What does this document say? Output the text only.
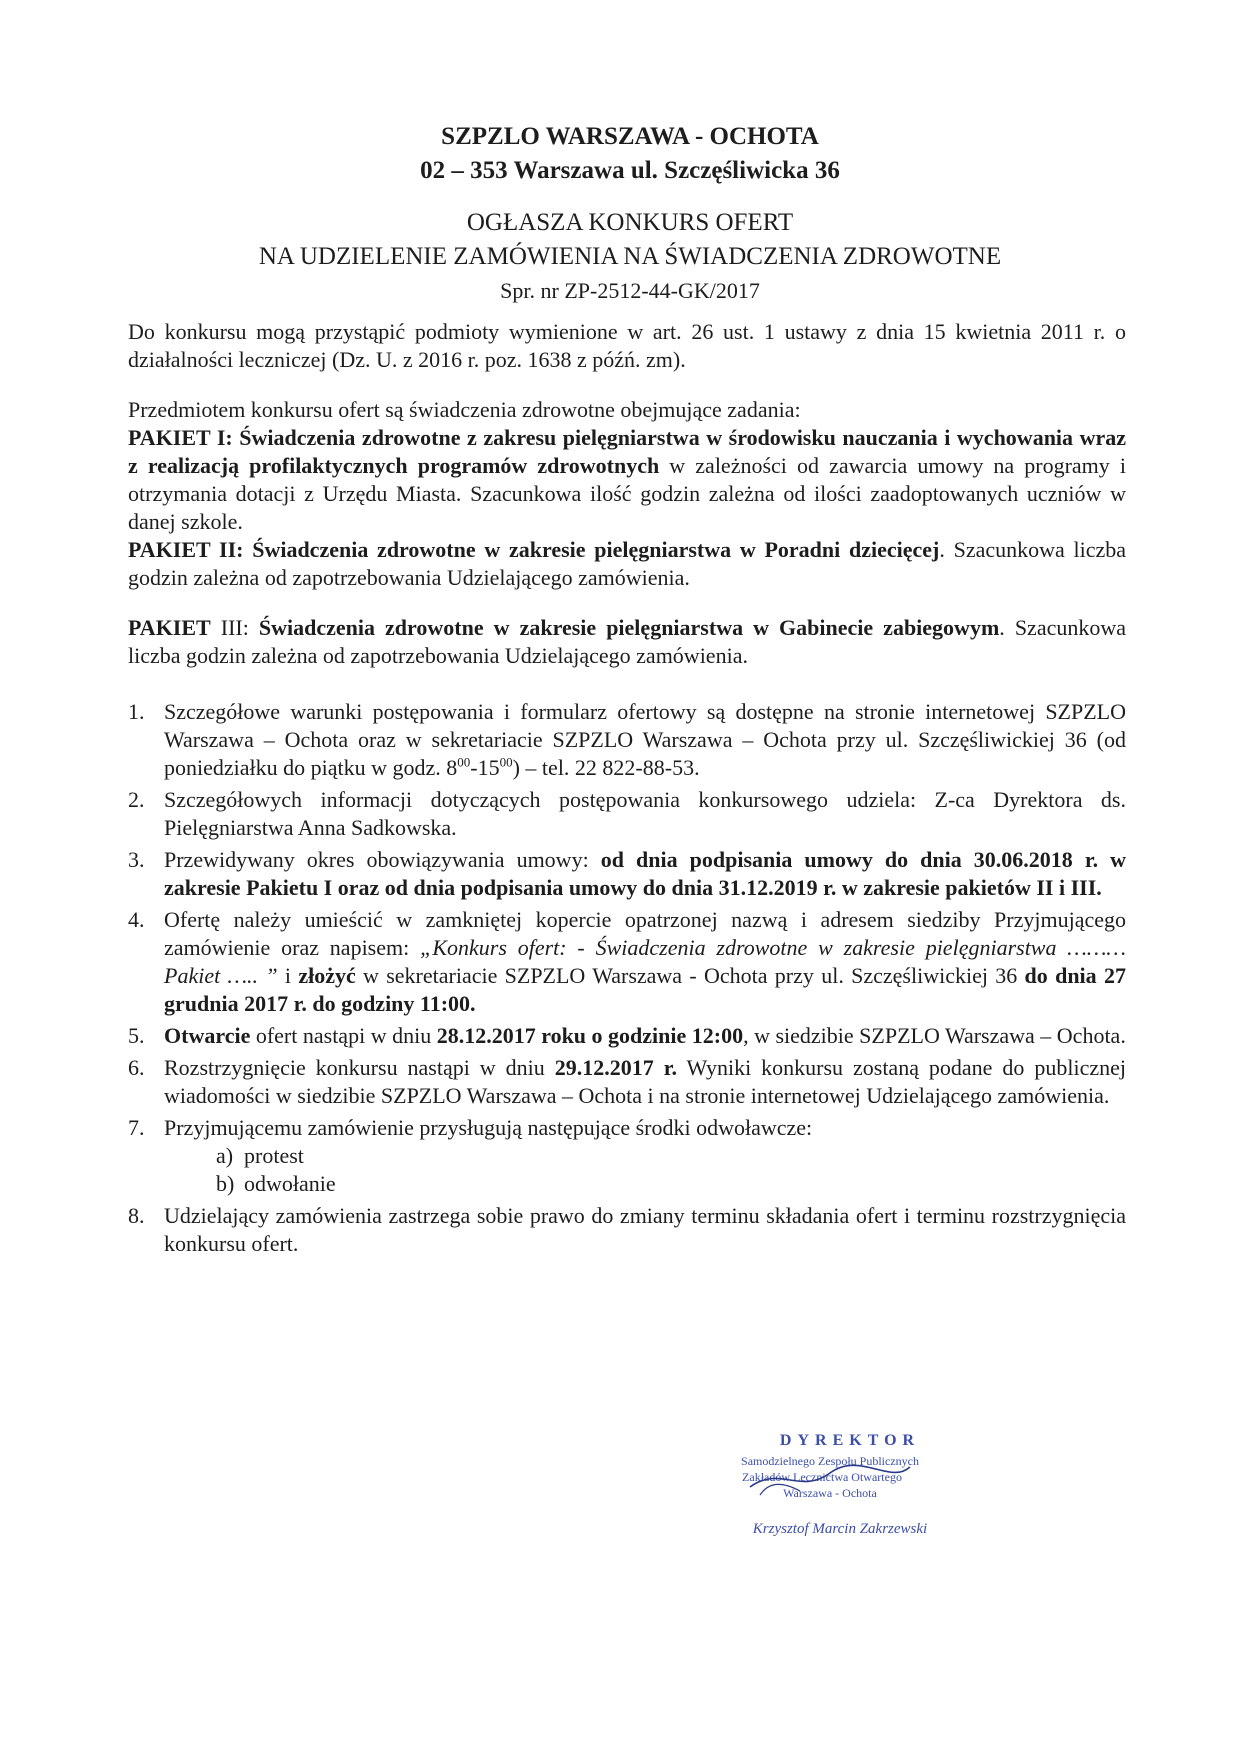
SZPZLO WARSZAWA - OCHOTA
02 – 353 Warszawa ul. Szczęśliwicka 36
OGŁASZA KONKURS OFERT
NA UDZIELENIE ZAMÓWIENIA NA ŚWIADCZENIA ZDROWOTNE
Spr. nr ZP-2512-44-GK/2017

Do konkursu mogą przystąpić podmioty wymienione w art. 26 ust. 1 ustawy z dnia 15 kwietnia 2011 r. o działalności leczniczej (Dz. U. z 2016 r. poz. 1638 z późń. zm).

Przedmiotem konkursu ofert są świadczenia zdrowotne obejmujące zadania:

PAKIET I: Świadczenia zdrowotne z zakresu pielęgniarstwa w środowisku nauczania i wychowania wraz z realizacją profilaktycznych programów zdrowotnych w zależności od zawarcia umowy na programy i otrzymania dotacji z Urzędu Miasta. Szacunkowa ilość godzin zależna od ilości zaadoptowanych uczniów w danej szkole.

PAKIET II: Świadczenia zdrowotne w zakresie pielęgniarstwa w Poradni dziecięcej. Szacunkowa liczba godzin zależna od zapotrzebowania Udzielającego zamówienia.

PAKIET III: Świadczenia zdrowotne w zakresie pielęgniarstwa w Gabinecie zabiegowym. Szacunkowa liczba godzin zależna od zapotrzebowania Udzielającego zamówienia.

1. Szczegółowe warunki postępowania i formularz ofertowy są dostępne na stronie internetowej SZPZLO Warszawa – Ochota oraz w sekretariacie SZPZLO Warszawa – Ochota przy ul. Szczęśliwickiej 36 (od poniedziałku do piątku w godz. $8^{00}-15^{00}$) – tel. 22 822-88-53.
2. Szczegółowych informacji dotyczących postępowania konkursowego udziela: Z-ca Dyrektora ds. Pielęgniarstwa Anna Sadkowska.
3. Przewidywany okres obowiązywania umowy: od dnia podpisania umowy do dnia 30.06.2018 r. w zakresie Pakietu I oraz od dnia podpisania umowy do dnia 31.12.2019 r. w zakresie pakietów II i III.
4. Ofertę należy umieścić w zamkniętej kopercie opatrzonej nazwą i adresem siedziby Przyjmującego zamówienie oraz napisem: „Konkurs ofert: - Świadczenia zdrowotne w zakresie pielęgniarstwa ……… Pakiet ….. ” i złożyć w sekretariacie SZPZLO Warszawa - Ochota przy ul. Szczęśliwickiej 36 do dnia 27 grudnia 2017 r. do godziny 11:00.
5. Otwarcie ofert nastąpi w dniu 28.12.2017 roku o godzinie 12:00, w siedzibie SZPZLO Warszawa – Ochota.
6. Rozstrzygnięcie konkursu nastąpi w dniu 29.12.2017 r. Wyniki konkursu zostaną podane do publicznej wiadomości w siedzibie SZPZLO Warszawa – Ochota i na stronie internetowej Udzielającego zamówienia.
7. Przyjmującemu zamówienie przysługują następujące środki odwoławcze:
a) protest
b) odwołanie
8. Udzielający zamówienia zastrzega sobie prawo do zmiany terminu składania ofert i terminu rozstrzygnięcia konkursu ofert.
DYREKTOR
Samodzielnego Zespołu Publicznych
Zakładów Lecznictwa Otwartego
Warszawa - Ochota
Krzysztof Marcin Zakrzewski
